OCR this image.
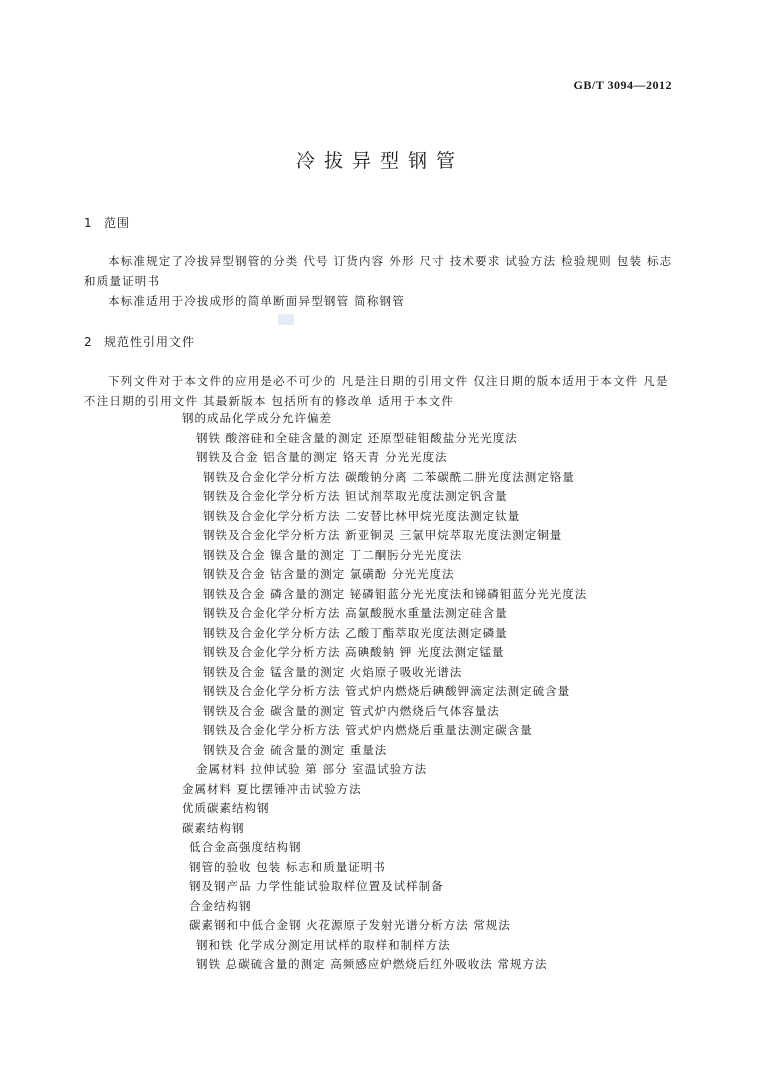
GB/T 3094—2012
冷拔异型钢管
1 范围

本标准规定了冷拔异型钢管的分类 代号 订货内容 外形 尺寸 技术要求 试验方法 检验规则 包装 标志和质量证明书

本标准适用于冷拔成形的简单断面异型钢管 简称钢管

2 规范性引用文件

下列文件对于本文件的应用是必不可少的 凡是注日期的引用文件 仅注日期的版本适用于本文件 凡是不注日期的引用文件 其最新版本 包括所有的修改单 适用于本文件

钢的成品化学成分允许偏差
钢铁 酸溶硅和全硅含量的测定 还原型硅钼酸盐分光光度法
钢铁及合金 铝含量的测定 铬天青 分光光度法
钢铁及合金化学分析方法 碳酸钠分离 二苯碳酰二肼光度法测定铬量
钢铁及合金化学分析方法 钽试剂萃取光度法测定钒含量
钢铁及合金化学分析方法 二安替比林甲烷光度法测定钛量
钢铁及合金化学分析方法 新亚铜灵 三氯甲烷萃取光度法测定铜量
钢铁及合金 镍含量的测定 丁二酮肟分光光度法
钢铁及合金 钴含量的测定 氯磺酚 分光光度法
钢铁及合金 磷含量的测定 铋磷钼蓝分光光度法和锑磷钼蓝分光光度法
钢铁及合金化学分析方法 高氯酸脱水重量法测定硅含量
钢铁及合金化学分析方法 乙酸丁酯萃取光度法测定磷量
钢铁及合金化学分析方法 高碘酸钠 钾 光度法测定锰量
钢铁及合金 锰含量的测定 火焰原子吸收光谱法
钢铁及合金化学分析方法 管式炉内燃烧后碘酸钾滴定法测定硫含量
钢铁及合金 碳含量的测定 管式炉内燃烧后气体容量法
钢铁及合金化学分析方法 管式炉内燃烧后重量法测定碳含量
钢铁及合金 硫含量的测定 重量法
金属材料 拉伸试验 第 部分 室温试验方法
金属材料 夏比摆锤冲击试验方法
优质碳素结构钢
碳素结构钢
低合金高强度结构钢
钢管的验收 包装 标志和质量证明书
钢及钢产品 力学性能试验取样位置及试样制备
合金结构钢
碳素钢和中低合金钢 火花源原子发射光谱分析方法 常规法
钢和铁 化学成分测定用试样的取样和制样方法
钢铁 总碳硫含量的测定 高频感应炉燃烧后红外吸收法 常规方法
